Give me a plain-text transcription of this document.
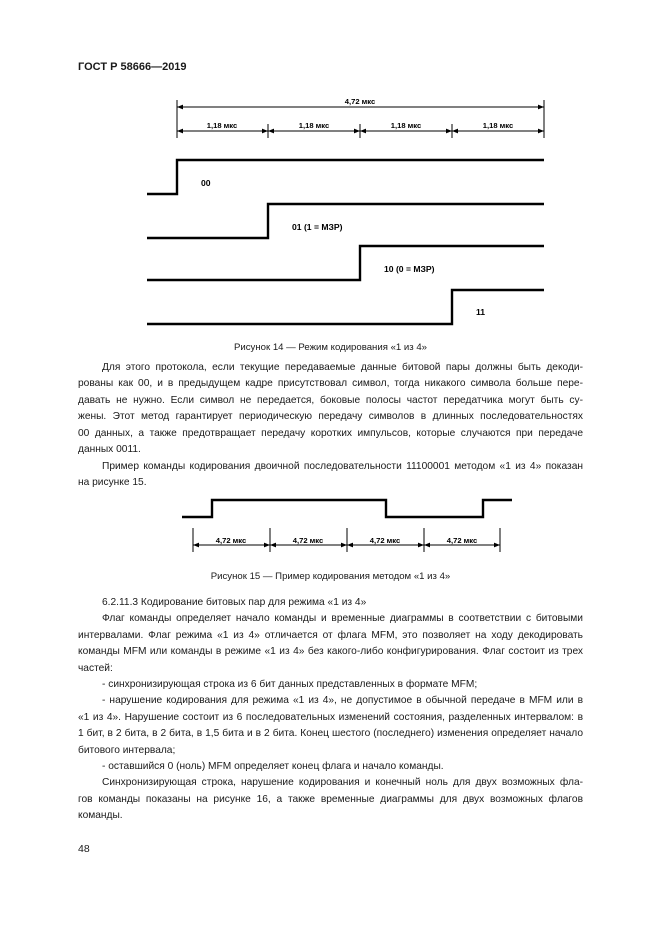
ГОСТ Р 58666—2019
4,72 мкс
1,18 мкс	1,18 мкс	1,18 мкс	1,18 мкс
00
01 (1 = МЗР)
10 (0 = МЗР)
11
Рисунок 14 — Режим кодирования «1 из 4»

Для этого протокола, если текущие передаваемые данные битовой пары должны быть декоди-

рованы как 00, и в предыдущем кадре присутствовал символ, тогда никакого символа больше пере-

давать не нужно. Если символ не передается, боковые полосы частот передатчика могут быть су-

жены. Этот метод гарантирует периодическую передачу символов в длинных последовательностях

00 данных, а также предотвращает передачу коротких импульсов, которые случаются при передаче

данных 0011.

Пример команды кодирования двоичной последовательности 11100001 методом «1 из 4» показан

на рисунке 15.

4,72 мкс	4,72 мкс	4,72 мкс	4,72 мкс
Рисунок 15 — Пример кодирования методом «1 из 4»

6.2.11.3 Кодирование битовых пар для режима «1 из 4»

Флаг команды определяет начало команды и временные диаграммы в соответствии с битовыми

интервалами. Флаг режима «1 из 4» отличается от флага MFM, это позволяет на ходу декодировать

команды MFM или команды в режиме «1 из 4» без какого-либо конфигурирования. Флаг состоит из трех

частей:

- синхронизирующая строка из 6 бит данных представленных в формате MFM;

- нарушение кодирования для режима «1 из 4», не допустимое в обычной передаче в MFM или в

«1 из 4». Нарушение состоит из 6 последовательных изменений состояния, разделенных интервалом: в

1 бит, в 2 бита, в 2 бита, в 1,5 бита и в 2 бита. Конец шестого (последнего) изменения определяет начало

битового интервала;

- оставшийся 0 (ноль) MFM определяет конец флага и начало команды.

Синхронизирующая строка, нарушение кодирования и конечный ноль для двух возможных фла-

гов команды показаны на рисунке 16, а также временные диаграммы для двух возможных флагов

команды.

48
